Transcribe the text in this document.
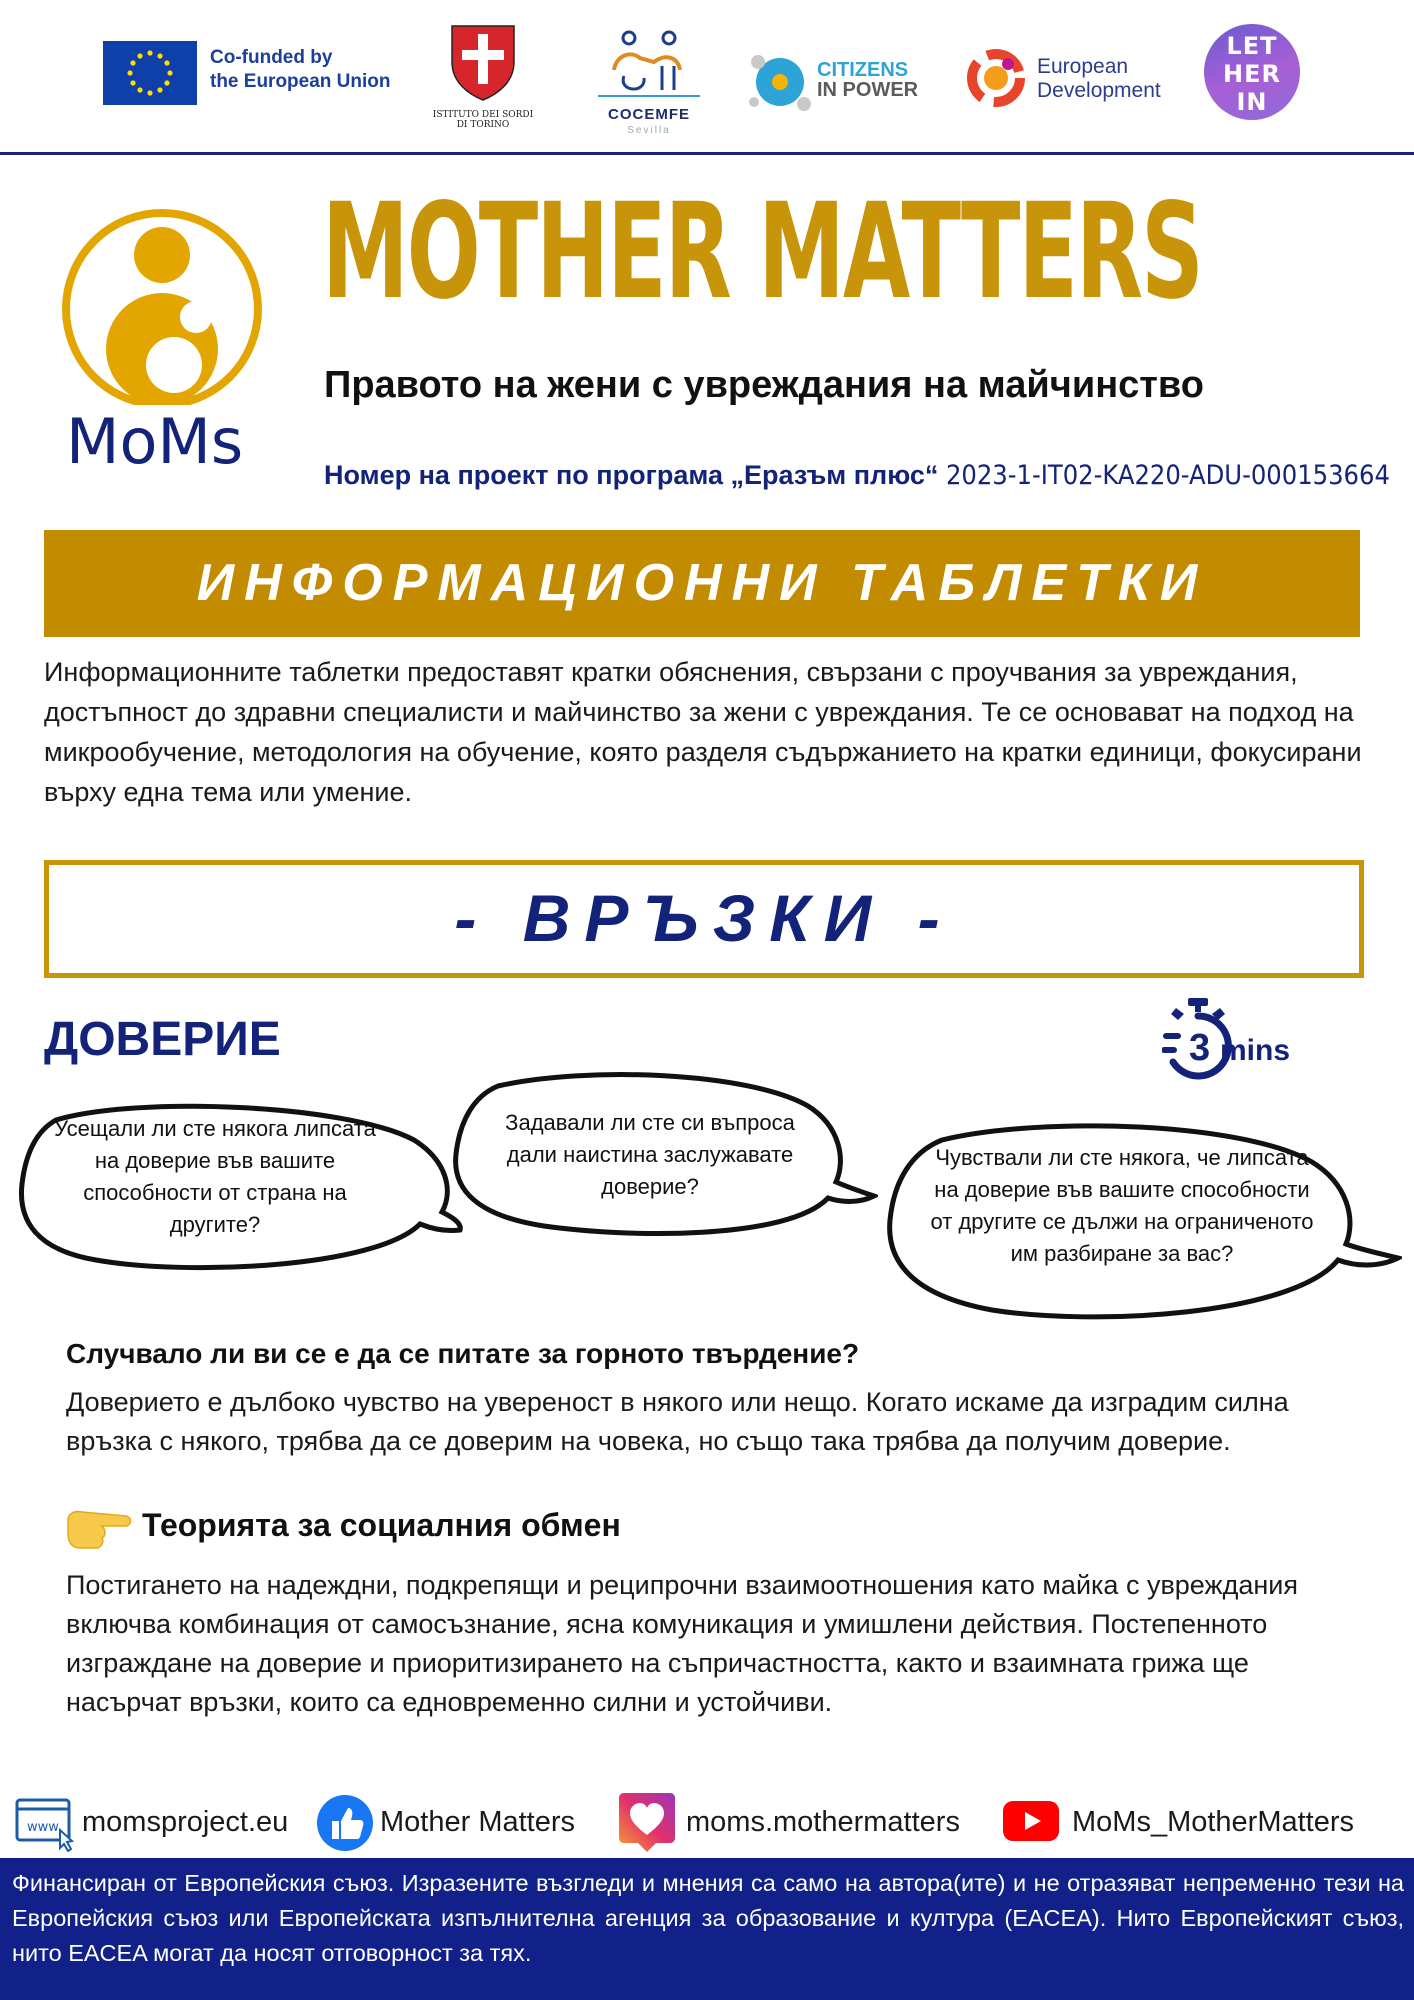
Co-funded by
the European Union
ISTITUTO DEI SORDI
DI TORINO
COCEMFE
Sevilla
CITIZENS
IN POWER
European
Development
LET
HER
IN
MoMs
MOTHER MATTERS
Правото на жени с увреждания на майчинство
Номер на проект по програма „Еразъм плюс“ 2023-1-IT02-KA220-ADU-000153664
ИНФОРМАЦИОННИ ТАБЛЕТКИ
Информационните таблетки предоставят кратки обяснения, свързани с проучвания за увреждания, достъпност до здравни специалисти и майчинство за жени с увреждания. Те се основават на подход на микрообучение, методология на обучение, която разделя съдържанието на кратки единици, фокусирани върху една тема или умение.
- ВРЪЗКИ -
ДОВЕРИЕ	3 mins
Усещали ли сте някога липсата на доверие във вашите способности от страна на другите?
Задавали ли сте си въпроса дали наистина заслужавате доверие?
Чувствали ли сте някога, че липсата на доверие във вашите способности от другите се дължи на ограниченото им разбиране за вас?
Случвало ли ви се е да се питате за горното твърдение?
Доверието е дълбоко чувство на увереност в някого или нещо. Когато искаме да изградим силна връзка с някого, трябва да се доверим на човека, но също така трябва да получим доверие.
Теорията за социалния обмен
Постигането на надеждни, подкрепящи и реципрочни взаимоотношения като майка с увреждания включва комбинация от самосъзнание, ясна комуникация и умишлени действия. Постепенното изграждане на доверие и приоритизирането на съпричастността, както и взаимната грижа ще насърчат връзки, които са едновременно силни и устойчиви.
www momsproject.eu	Mother Matters	moms.mothermatters	MoMs_MotherMatters
Финансиран от Европейския съюз. Изразените възгледи и мнения са само на автора(ите) и не отразяват непременно тези на Европейския съюз или Европейската изпълнителна агенция за образование и култура (EACEA). Нито Европейският съюз, нито EACEA могат да носят отговорност за тях.
